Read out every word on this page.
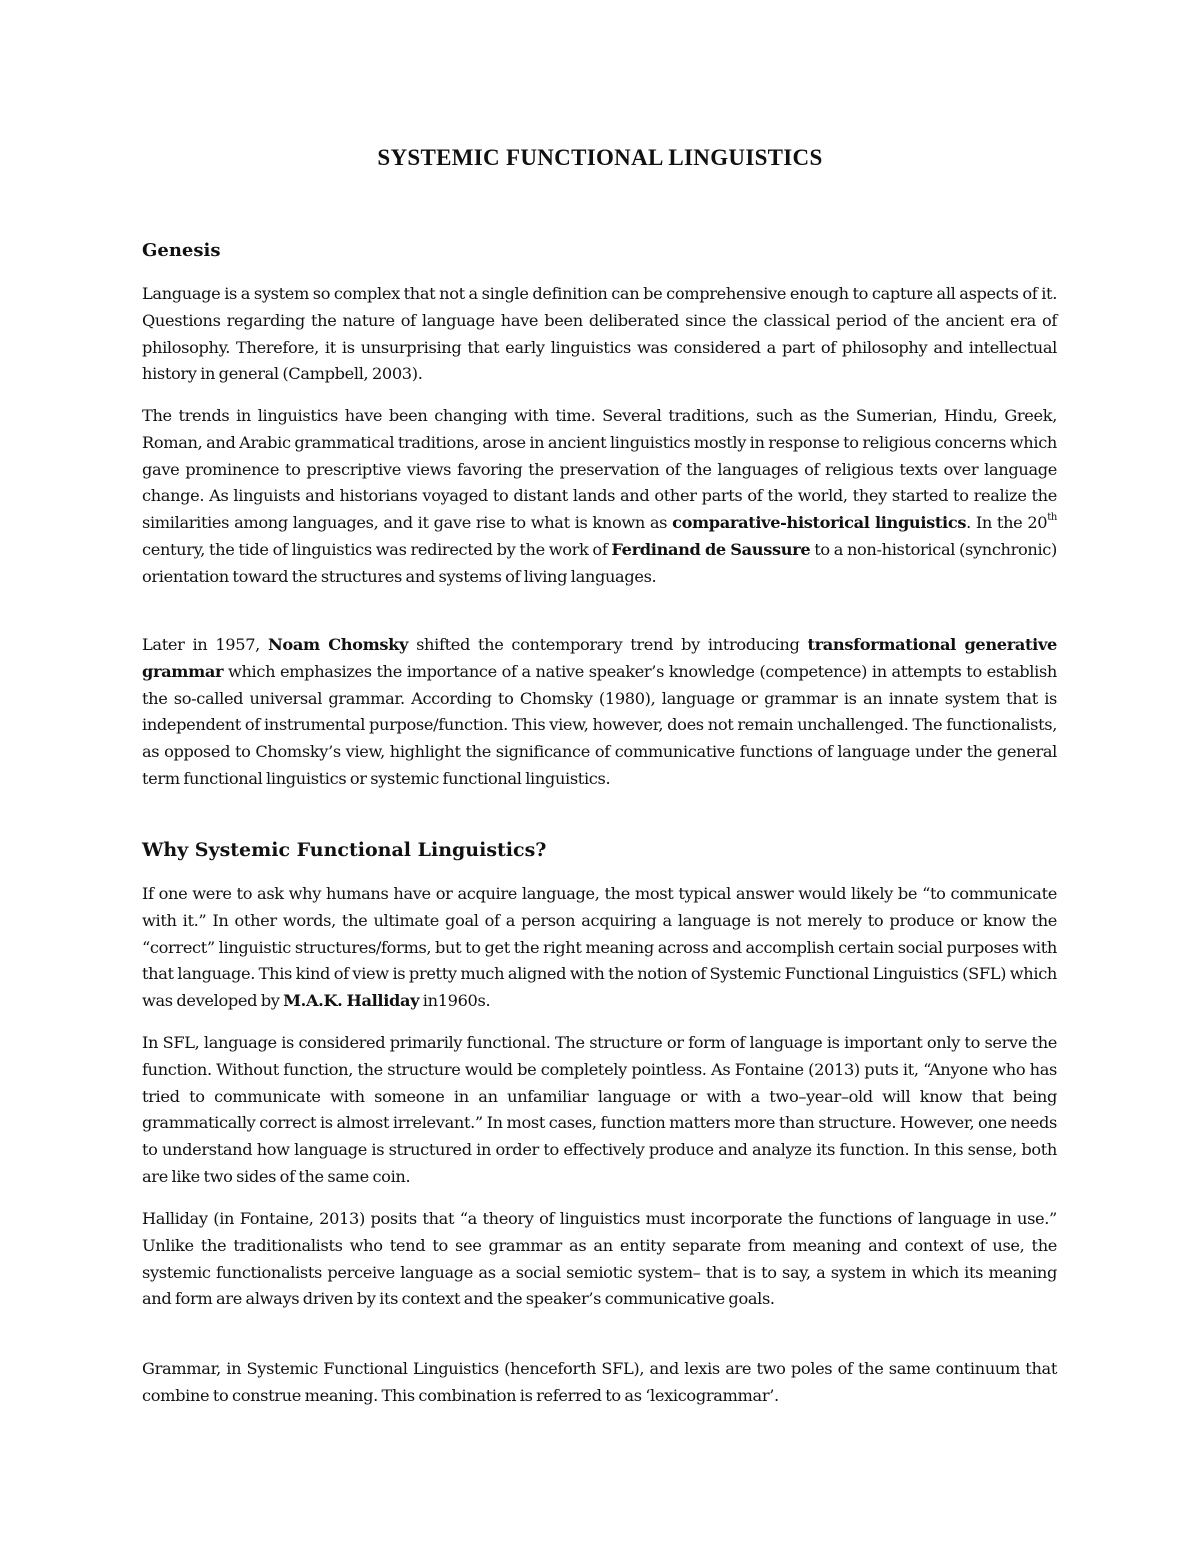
SYSTEMIC FUNCTIONAL LINGUISTICS
Genesis

Language is a system so complex that not a single definition can be comprehensive enough to capture all aspects of it. Questions regarding the nature of language have been deliberated since the classical period of the ancient era of philosophy. Therefore, it is unsurprising that early linguistics was considered a part of philosophy and intellectual history in general (Campbell, 2003).

The trends in linguistics have been changing with time. Several traditions, such as the Sumerian, Hindu, Greek, Roman, and Arabic grammatical traditions, arose in ancient linguistics mostly in response to religious concerns which gave prominence to prescriptive views favoring the preservation of the languages of religious texts over language change. As linguists and historians voyaged to distant lands and other parts of the world, they started to realize the similarities among languages, and it gave rise to what is known as comparative-historical linguistics. In the 20th century, the tide of linguistics was redirected by the work of Ferdinand de Saussure to a non-historical (synchronic) orientation toward the structures and systems of living languages.

Later in 1957, Noam Chomsky shifted the contemporary trend by introducing transformational generative grammar which emphasizes the importance of a native speaker’s knowledge (competence) in attempts to establish the so-called universal grammar. According to Chomsky (1980), language or grammar is an innate system that is independent of instrumental purpose/function. This view, however, does not remain unchallenged. The functionalists, as opposed to Chomsky’s view, highlight the significance of communicative functions of language under the general term functional linguistics or systemic functional linguistics.

Why Systemic Functional Linguistics?

If one were to ask why humans have or acquire language, the most typical answer would likely be “to communicate with it.” In other words, the ultimate goal of a person acquiring a language is not merely to produce or know the “correct” linguistic structures/forms, but to get the right meaning across and accomplish certain social purposes with that language. This kind of view is pretty much aligned with the notion of Systemic Functional Linguistics (SFL) which was developed by M.A.K. Halliday in1960s.

In SFL, language is considered primarily functional. The structure or form of language is important only to serve the function. Without function, the structure would be completely pointless. As Fontaine (2013) puts it, “Anyone who has tried to communicate with someone in an unfamiliar language or with a two–year–old will know that being grammatically correct is almost irrelevant.” In most cases, function matters more than structure. However, one needs to understand how language is structured in order to effectively produce and analyze its function. In this sense, both are like two sides of the same coin.

Halliday (in Fontaine, 2013) posits that “a theory of linguistics must incorporate the functions of language in use.” Unlike the traditionalists who tend to see grammar as an entity separate from meaning and context of use, the systemic functionalists perceive language as a social semiotic system– that is to say, a system in which its meaning and form are always driven by its context and the speaker’s communicative goals.

Grammar, in Systemic Functional Linguistics (henceforth SFL), and lexis are two poles of the same continuum that combine to construe meaning. This combination is referred to as ‘lexicogrammar’.
